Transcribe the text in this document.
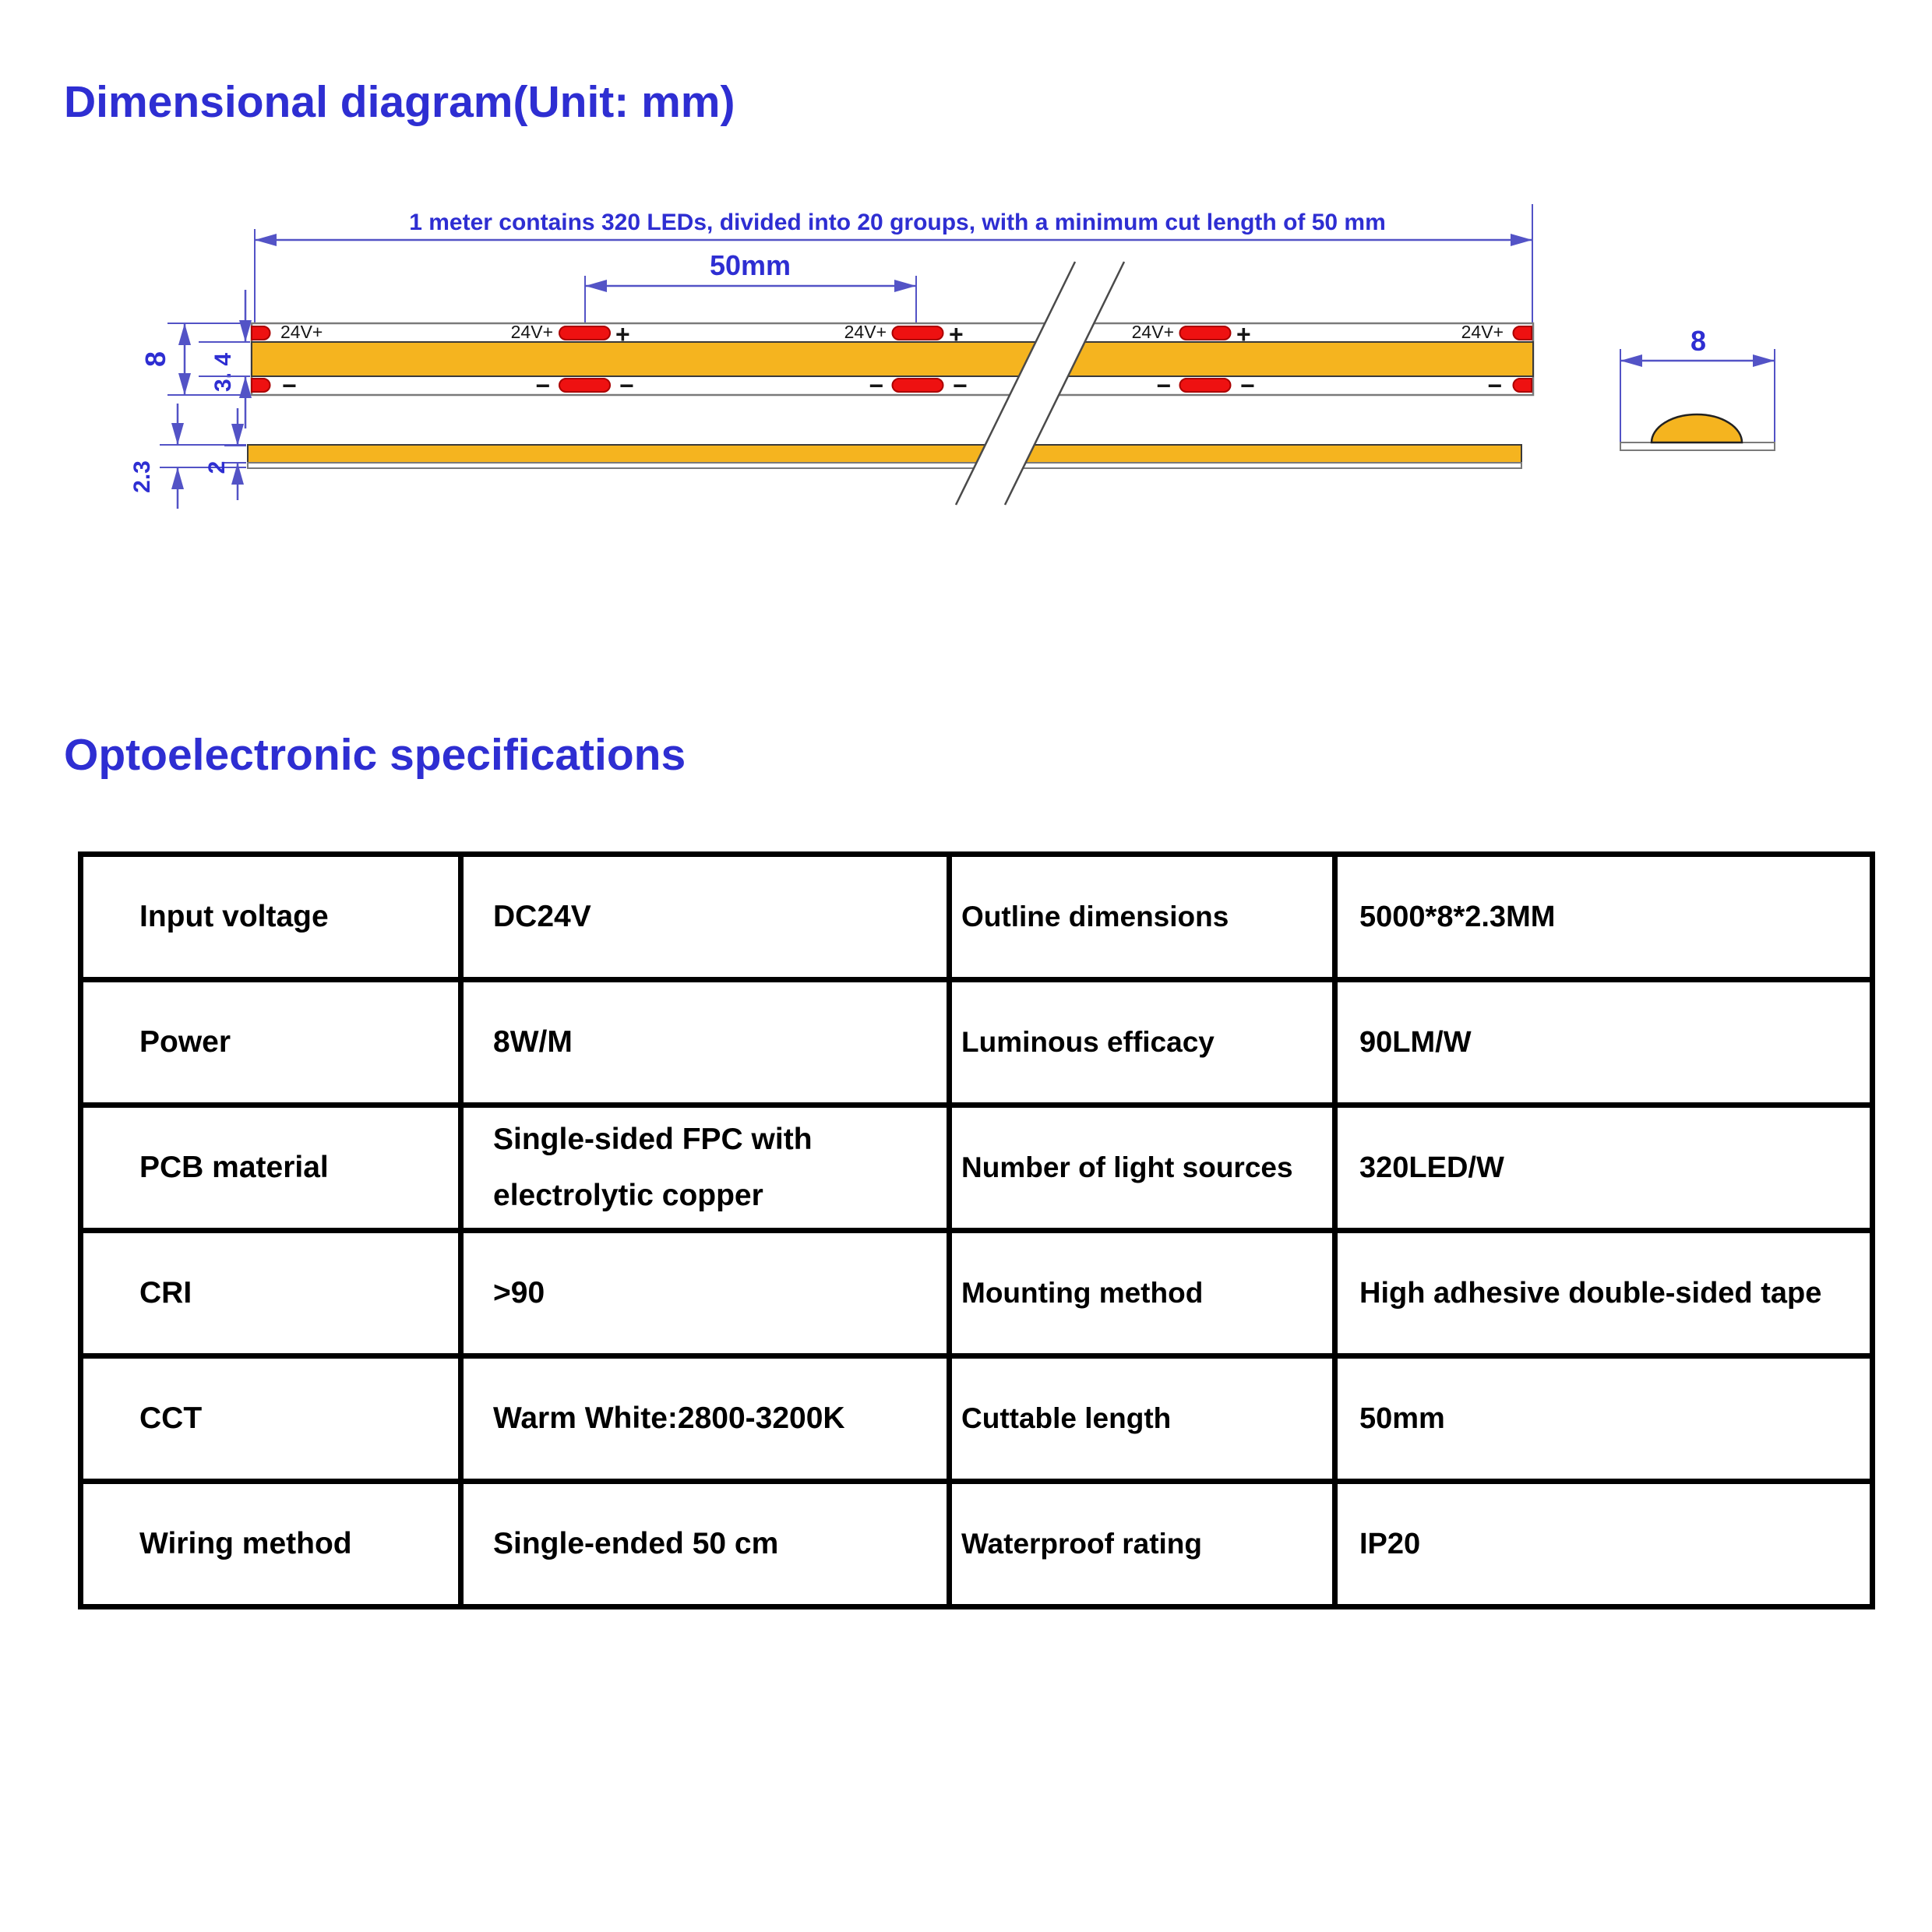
Dimensional diagram(Unit: mm)
1 meter contains 320 LEDs, divided into 20 groups, with a minimum cut length of 50 mm
50mm
24V+	24V+	24V+	24V+	24V+
+	+	+
−	−	−	−	−	−	−	−
8 3. 4
2.3 2
8
Optoelectronic specifications
Input voltage	DC24V	Outline dimensions	5000*8*2.3MM
Power	8W/M	Luminous efficacy	90LM/W
PCB material	Single-sided FPC with electrolytic copper	Number of light sources	320LED/W
CRI	>90	Mounting method	High adhesive double-sided tape
CCT	Warm White:2800-3200K	Cuttable length	50mm
Wiring method	Single-ended 50 cm	Waterproof rating	IP20
